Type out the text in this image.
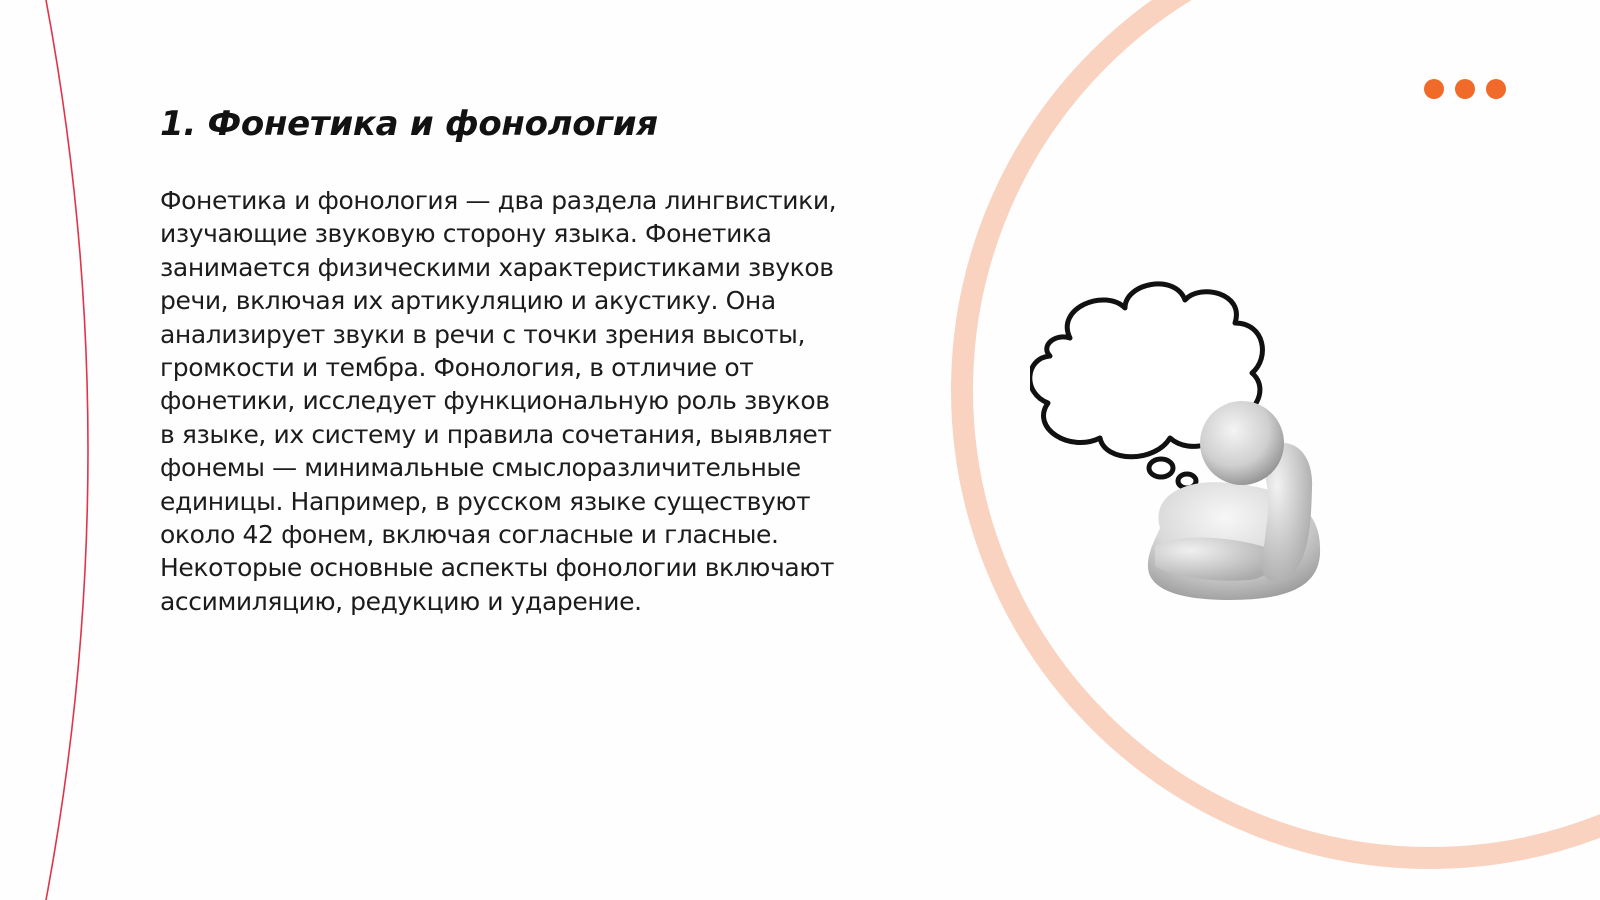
1. Фонетика и фонология

Фонетика и фонология — два раздела лингвистики, изучающие звуковую сторону языка. Фонетика занимается физическими характеристиками звуков речи, включая их артикуляцию и акустику. Она анализирует звуки в речи с точки зрения высоты, громкости и тембра. Фонология, в отличие от фонетики, исследует функциональную роль звуков в языке, их систему и правила сочетания, выявляет фонемы — минимальные смыслоразличительные единицы. Например, в русском языке существуют около 42 фонем, включая согласные и гласные. Некоторые основные аспекты фонологии включают ассимиляцию, редукцию и ударение.
